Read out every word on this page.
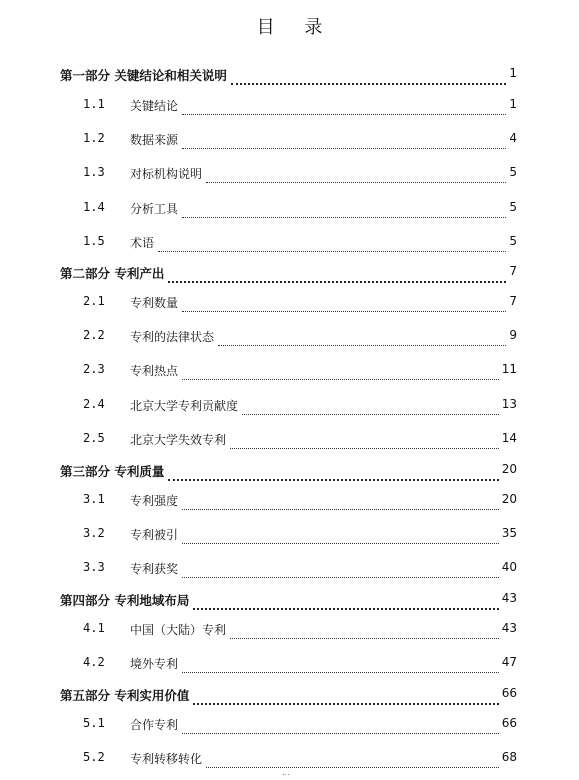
目 录
第一部分 关键结论和相关说明	1
1.1 关键结论	1
1.2 数据来源	4
1.3 对标机构说明	5
1.4 分析工具	5
1.5 术语	5
第二部分 专利产出	7
2.1 专利数量	7
2.2 专利的法律状态	9
2.3 专利热点	11
2.4 北京大学专利贡献度	13
2.5 北京大学失效专利	14
第三部分 专利质量	20
3.1 专利强度	20
3.2 专利被引	35
3.3 专利获奖	40
第四部分 专利地域布局	43
4.1 中国（大陆）专利	43
4.2 境外专利	47
第五部分 专利实用价值	66
5.1 合作专利	66
5.2 专利转移转化	68
...
